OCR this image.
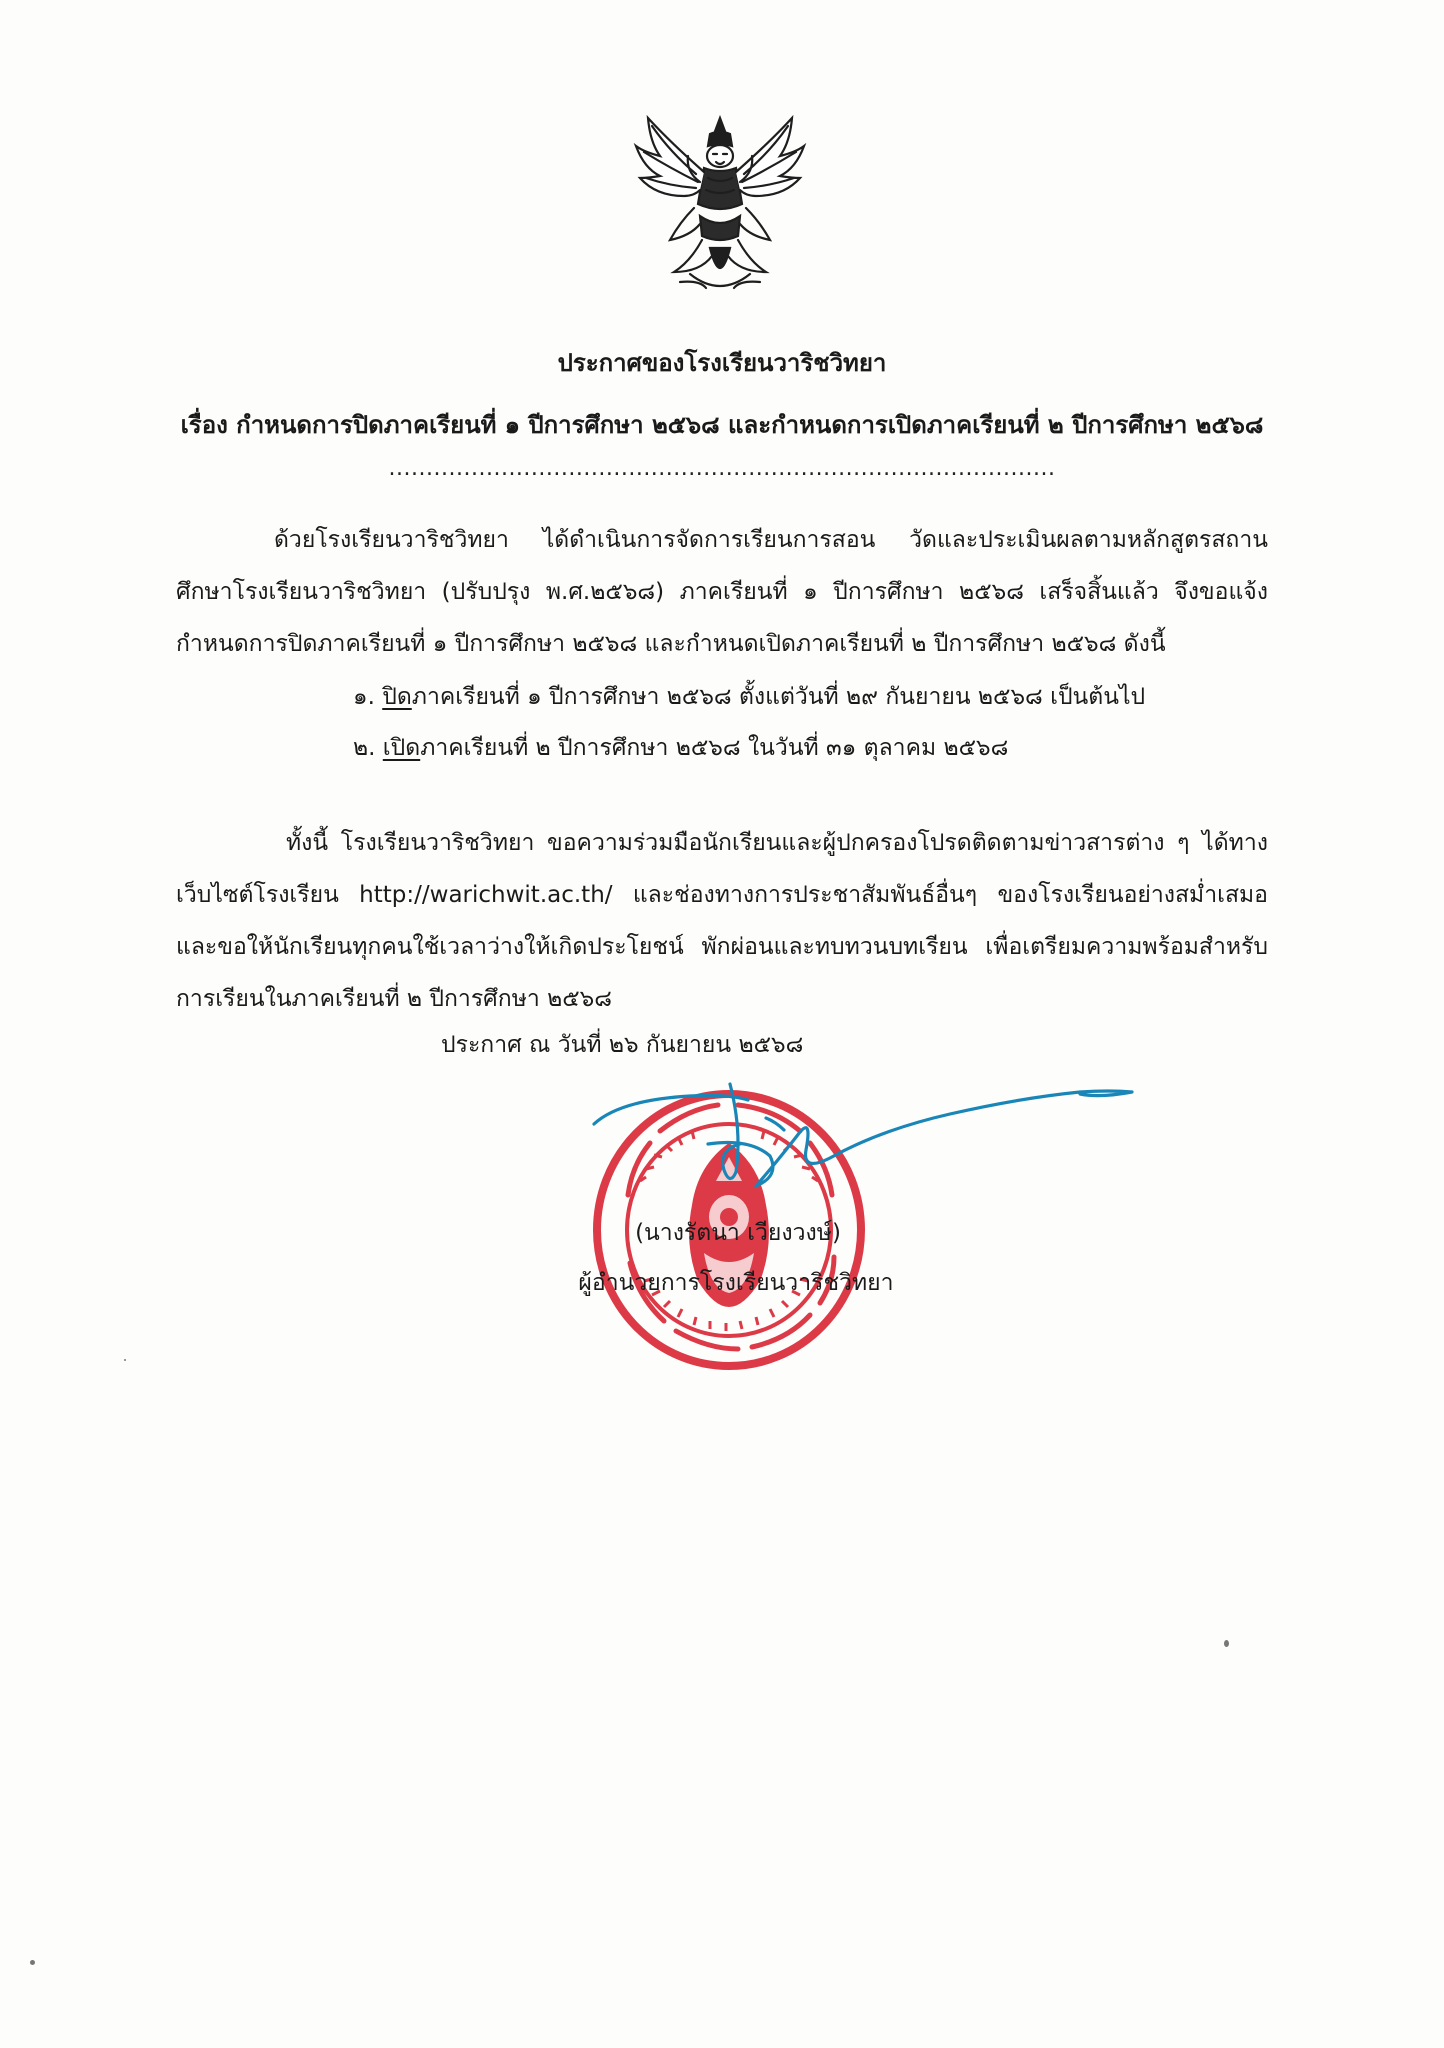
ประกาศของโรงเรียนวาริชวิทยา
เรื่อง กำหนดการปิดภาคเรียนที่ ๑ ปีการศึกษา ๒๕๖๘ และกำหนดการเปิดภาคเรียนที่ ๒ ปีการศึกษา ๒๕๖๘
.........................................................................................
ด้วยโรงเรียนวาริชวิทยา ได้ดำเนินการจัดการเรียนการสอน วัดและประเมินผลตามหลักสูตรสถานศึกษาโรงเรียนวาริชวิทยา (ปรับปรุง พ.ศ.๒๕๖๘) ภาคเรียนที่ ๑ ปีการศึกษา ๒๕๖๘ เสร็จสิ้นแล้ว จึงขอแจ้งกำหนดการปิดภาคเรียนที่ ๑ ปีการศึกษา ๒๕๖๘ และกำหนดเปิดภาคเรียนที่ ๒ ปีการศึกษา ๒๕๖๘ ดังนี้
๑. ปิดภาคเรียนที่ ๑ ปีการศึกษา ๒๕๖๘ ตั้งแต่วันที่ ๒๙ กันยายน ๒๕๖๘ เป็นต้นไป
๒. เปิดภาคเรียนที่ ๒ ปีการศึกษา ๒๕๖๘ ในวันที่ ๓๑ ตุลาคม ๒๕๖๘
ทั้งนี้ โรงเรียนวาริชวิทยา ขอความร่วมมือนักเรียนและผู้ปกครองโปรดติดตามข่าวสารต่าง ๆ ได้ทางเว็บไซต์โรงเรียน http://warichwit.ac.th/ และช่องทางการประชาสัมพันธ์อื่นๆ ของโรงเรียนอย่างสม่ำเสมอ และขอให้นักเรียนทุกคนใช้เวลาว่างให้เกิดประโยชน์ พักผ่อนและทบทวนบทเรียน เพื่อเตรียมความพร้อมสำหรับการเรียนในภาคเรียนที่ ๒ ปีการศึกษา ๒๕๖๘
ประกาศ ณ วันที่ ๒๖ กันยายน ๒๕๖๘
(นางรัตนา เวียงวงษ์)
ผู้อำนวยการโรงเรียนวาริชวิทยา
